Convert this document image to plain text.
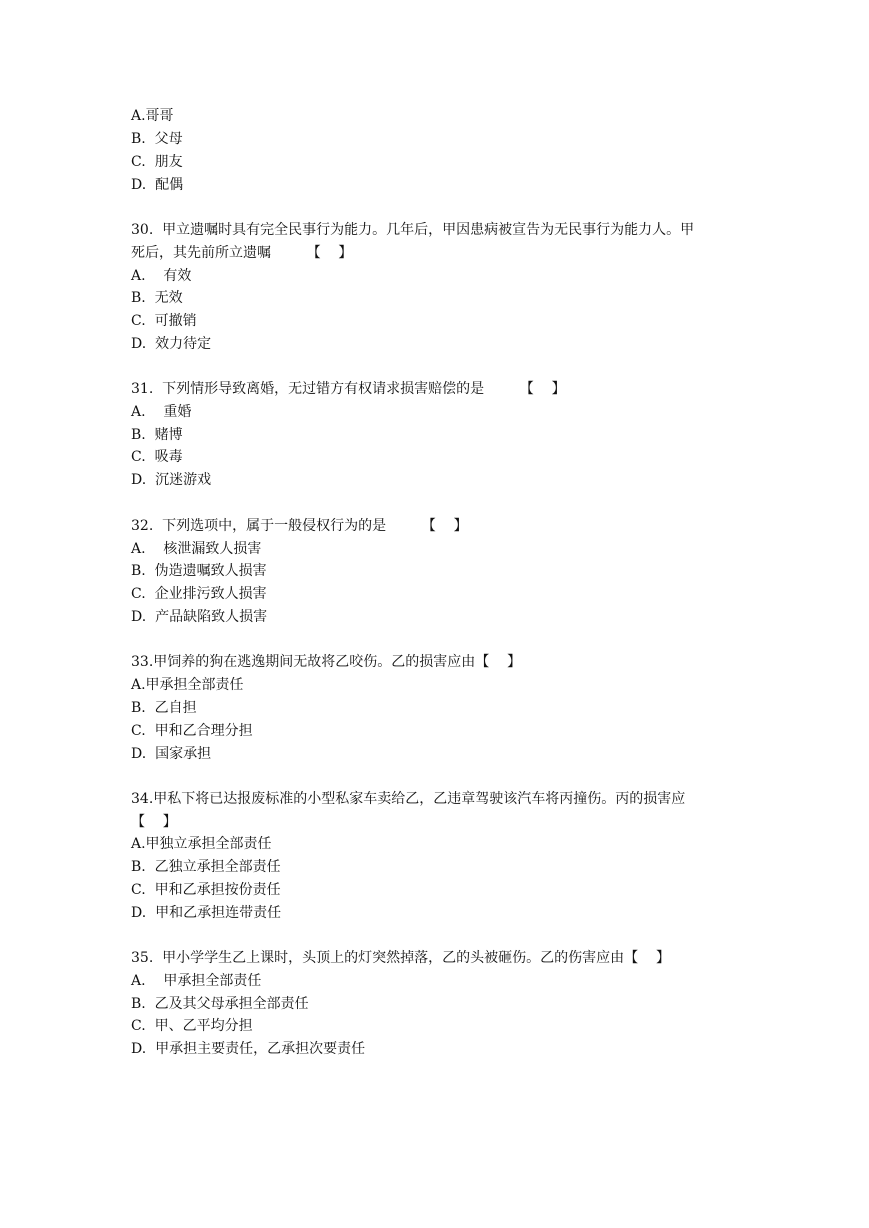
A.哥哥
B.  父母
C.  朋友
D.  配偶
30.  甲立遗嘱时具有完全民事行为能力。几年后，甲因患病被宣告为无民事行为能力人。甲
死后，其先前所立遗嘱        【    】
A.    有效
B.  无效
C.  可撤销
D.  效力待定
31.  下列情形导致离婚，无过错方有权请求损害赔偿的是        【    】
A.    重婚
B.  赌博
C.  吸毒
D.  沉迷游戏
32.  下列选项中，属于一般侵权行为的是        【    】
A.    核泄漏致人损害
B.  伪造遗嘱致人损害
C.  企业排污致人损害
D.  产品缺陷致人损害
33.甲饲养的狗在逃逸期间无故将乙咬伤。乙的损害应由【    】
A.甲承担全部责任
B.  乙自担
C.  甲和乙合理分担
D.  国家承担
34.甲私下将已达报废标准的小型私家车卖给乙，乙违章驾驶该汽车将丙撞伤。丙的损害应
【    】
A.甲独立承担全部责任
B.  乙独立承担全部责任
C.  甲和乙承担按份责任
D.  甲和乙承担连带责任
35.  甲小学学生乙上课时，头顶上的灯突然掉落，乙的头被砸伤。乙的伤害应由【    】
A.    甲承担全部责任
B.  乙及其父母承担全部责任
C.  甲、乙平均分担
D.  甲承担主要责任，乙承担次要责任
